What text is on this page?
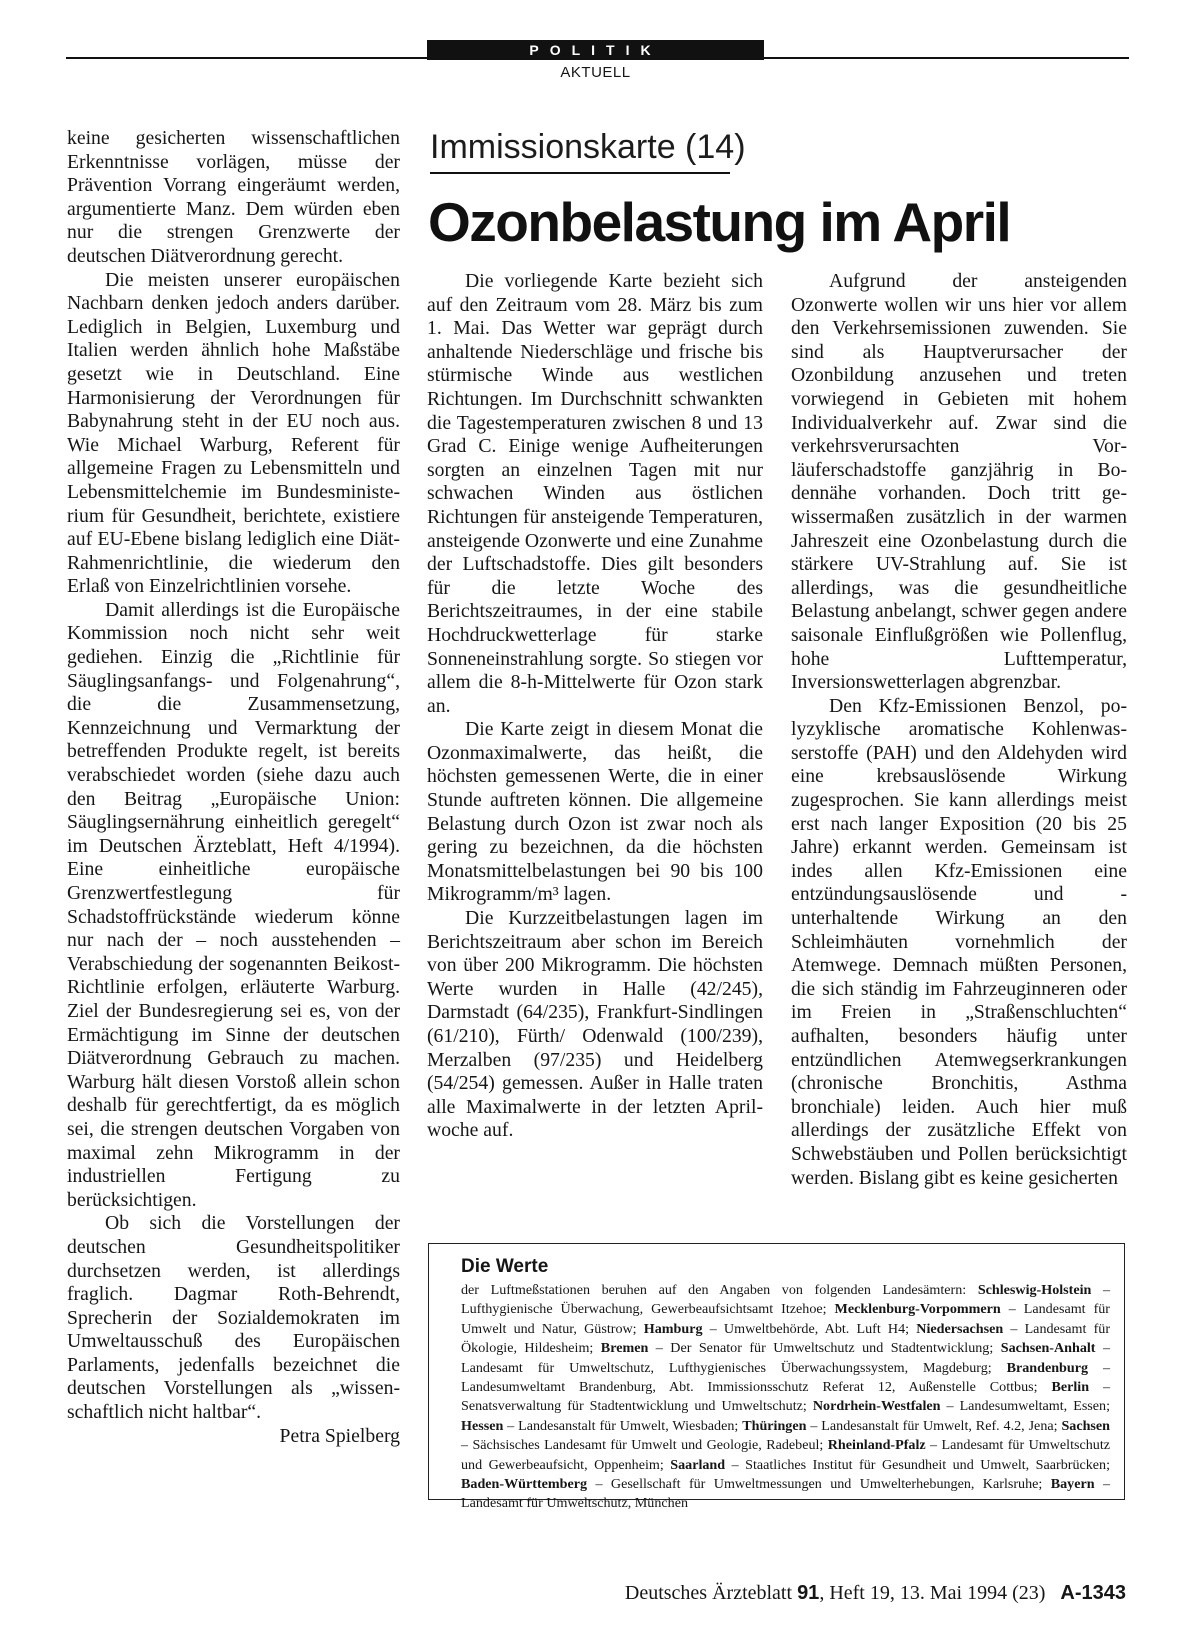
POLITIK
AKTUELL
Immissionskarte (14)
Ozonbelastung im April

keine gesicherten wissenschaftlichen Erkenntnisse vorlägen, müsse der Prävention Vorrang eingeräumt werden, argumentierte Manz. Dem würden eben nur die strengen Grenzwerte der deutschen Diätverordnung gerecht.

Die meisten unserer europäischen Nachbarn denken jedoch anders darüber. Lediglich in Belgien, Luxemburg und Italien werden ähnlich hohe Maßstäbe gesetzt wie in Deutschland. Eine Harmonisierung der Verordnungen für Babynahrung steht in der EU noch aus. Wie Michael Warburg, Referent für allgemeine Fragen zu Lebensmitteln und Lebensmittelchemie im Bundesministerium für Gesundheit, berichtete, existiere auf EU-Ebene bislang lediglich eine Diät-Rahmenrichtlinie, die wiederum den Erlaß von Einzelrichtlinien vorsehe.

Damit allerdings ist die Europäische Kommission noch nicht sehr weit gediehen. Einzig die „Richtlinie für Säuglingsanfangs- und Folgenahrung“, die die Zusammensetzung, Kennzeichnung und Vermarktung der betreffenden Produkte regelt, ist bereits verabschiedet worden (siehe dazu auch den Beitrag „Europäische Union: Säuglingsernährung einheitlich geregelt“ im Deutschen Ärzteblatt, Heft 4/1994). Eine einheitliche europäische Grenzwertfestlegung für Schadstoffrückstände wiederum könne nur nach der – noch ausstehenden – Verabschiedung der sogenannten Beikost-Richtlinie erfolgen, erläuterte Warburg. Ziel der Bundesregierung sei es, von der Ermächtigung im Sinne der deutschen Diätverordnung Gebrauch zu machen. Warburg hält diesen Vorstoß allein schon deshalb für gerechtfertigt, da es möglich sei, die strengen deutschen Vorgaben von maximal zehn Mikrogramm in der industriellen Fertigung zu berücksichtigen.

Ob sich die Vorstellungen der deutschen Gesundheitspolitiker durchsetzen werden, ist allerdings fraglich. Dagmar Roth-Behrendt, Sprecherin der Sozialdemokraten im Umweltausschuß des Europäischen Parlaments, jedenfalls bezeichnet die deutschen Vorstellungen als „wissenschaftlich nicht haltbar“.

Petra Spielberg

Die vorliegende Karte bezieht sich auf den Zeitraum vom 28. März bis zum 1. Mai. Das Wetter war geprägt durch anhaltende Niederschläge und frische bis stürmische Winde aus westlichen Richtungen. Im Durchschnitt schwankten die Tagestemperaturen zwischen 8 und 13 Grad C. Einige wenige Aufheiterungen sorgten an einzelnen Tagen mit nur schwachen Winden aus östlichen Richtungen für ansteigende Temperaturen, ansteigende Ozonwerte und eine Zunahme der Luftschadstoffe. Dies gilt besonders für die letzte Woche des Berichtszeitraumes, in der eine stabile Hochdruckwetterlage für starke Sonneneinstrahlung sorgte. So stiegen vor allem die 8-h-Mittelwerte für Ozon stark an.

Die Karte zeigt in diesem Monat die Ozonmaximalwerte, das heißt, die höchsten gemessenen Werte, die in einer Stunde auftreten können. Die allgemeine Belastung durch Ozon ist zwar noch als gering zu bezeichnen, da die höchsten Monatsmittelbelastungen bei 90 bis 100 Mikrogramm/m³ lagen.

Die Kurzzeitbelastungen lagen im Berichtszeitraum aber schon im Bereich von über 200 Mikrogramm. Die höchsten Werte wurden in Halle (42/245), Darmstadt (64/235), Frankfurt-Sindlingen (61/210), Fürth/ Odenwald (100/239), Merzalben (97/235) und Heidelberg (54/254) gemessen. Außer in Halle traten alle Maximalwerte in der letzten Aprilwoche auf.

Aufgrund der ansteigenden Ozonwerte wollen wir uns hier vor allem den Verkehrsemissionen zuwenden. Sie sind als Hauptverursacher der Ozonbildung anzusehen und treten vorwiegend in Gebieten mit hohem Individualverkehr auf. Zwar sind die verkehrsverursachten Vorläuferschadstoffe ganzjährig in Bodennähe vorhanden. Doch tritt gewissermaßen zusätzlich in der warmen Jahreszeit eine Ozonbelastung durch die stärkere UV-Strahlung auf. Sie ist allerdings, was die gesundheitliche Belastung anbelangt, schwer gegen andere saisonale Einflußgrößen wie Pollenflug, hohe Lufttemperatur, Inversionswetterlagen abgrenzbar.

Den Kfz-Emissionen Benzol, polyzyklische aromatische Kohlenwasserstoffe (PAH) und den Aldehyden wird eine krebsauslösende Wirkung zugesprochen. Sie kann allerdings meist erst nach langer Exposition (20 bis 25 Jahre) erkannt werden. Gemeinsam ist indes allen Kfz-Emissionen eine entzündungsauslösende und -unterhaltende Wirkung an den Schleimhäuten vornehmlich der Atemwege. Demnach müßten Personen, die sich ständig im Fahrzeuginneren oder im Freien in „Straßenschluchten“ aufhalten, besonders häufig unter entzündlichen Atemwegserkrankungen (chronische Bronchitis, Asthma bronchiale) leiden. Auch hier muß allerdings der zusätzliche Effekt von Schwebstäuben und Pollen berücksichtigt werden. Bislang gibt es keine gesicherten

Die Werte
der Luftmeßstationen beruhen auf den Angaben von folgenden Landesämtern: Schleswig-Holstein – Lufthygienische Überwachung, Gewerbeaufsichtsamt Itzehoe; Mecklenburg-Vorpommern – Landesamt für Umwelt und Natur, Güstrow; Hamburg – Umweltbehörde, Abt. Luft H4; Niedersachsen – Landesamt für Ökologie, Hildesheim; Bremen – Der Senator für Umweltschutz und Stadtentwicklung; Sachsen-Anhalt – Landesamt für Umweltschutz, Lufthygienisches Überwachungssystem, Magdeburg; Brandenburg – Landesumweltamt Brandenburg, Abt. Immissionsschutz Referat 12, Außenstelle Cottbus; Berlin – Senatsverwaltung für Stadtentwicklung und Umweltschutz; Nordrhein-Westfalen – Landesumweltamt, Essen; Hessen – Landesanstalt für Umwelt, Wiesbaden; Thüringen – Landesanstalt für Umwelt, Ref. 4.2, Jena; Sachsen – Sächsisches Landesamt für Umwelt und Geologie, Radebeul; Rheinland-Pfalz – Landesamt für Umweltschutz und Gewerbeaufsicht, Oppenheim; Saarland – Staatliches Institut für Gesundheit und Umwelt, Saarbrücken; Baden-Württemberg – Gesellschaft für Umweltmessungen und Umwelterhebungen, Karlsruhe; Bayern – Landesamt für Umweltschutz, München
Deutsches Ärzteblatt 91, Heft 19, 13. Mai 1994 (23) A-1343
